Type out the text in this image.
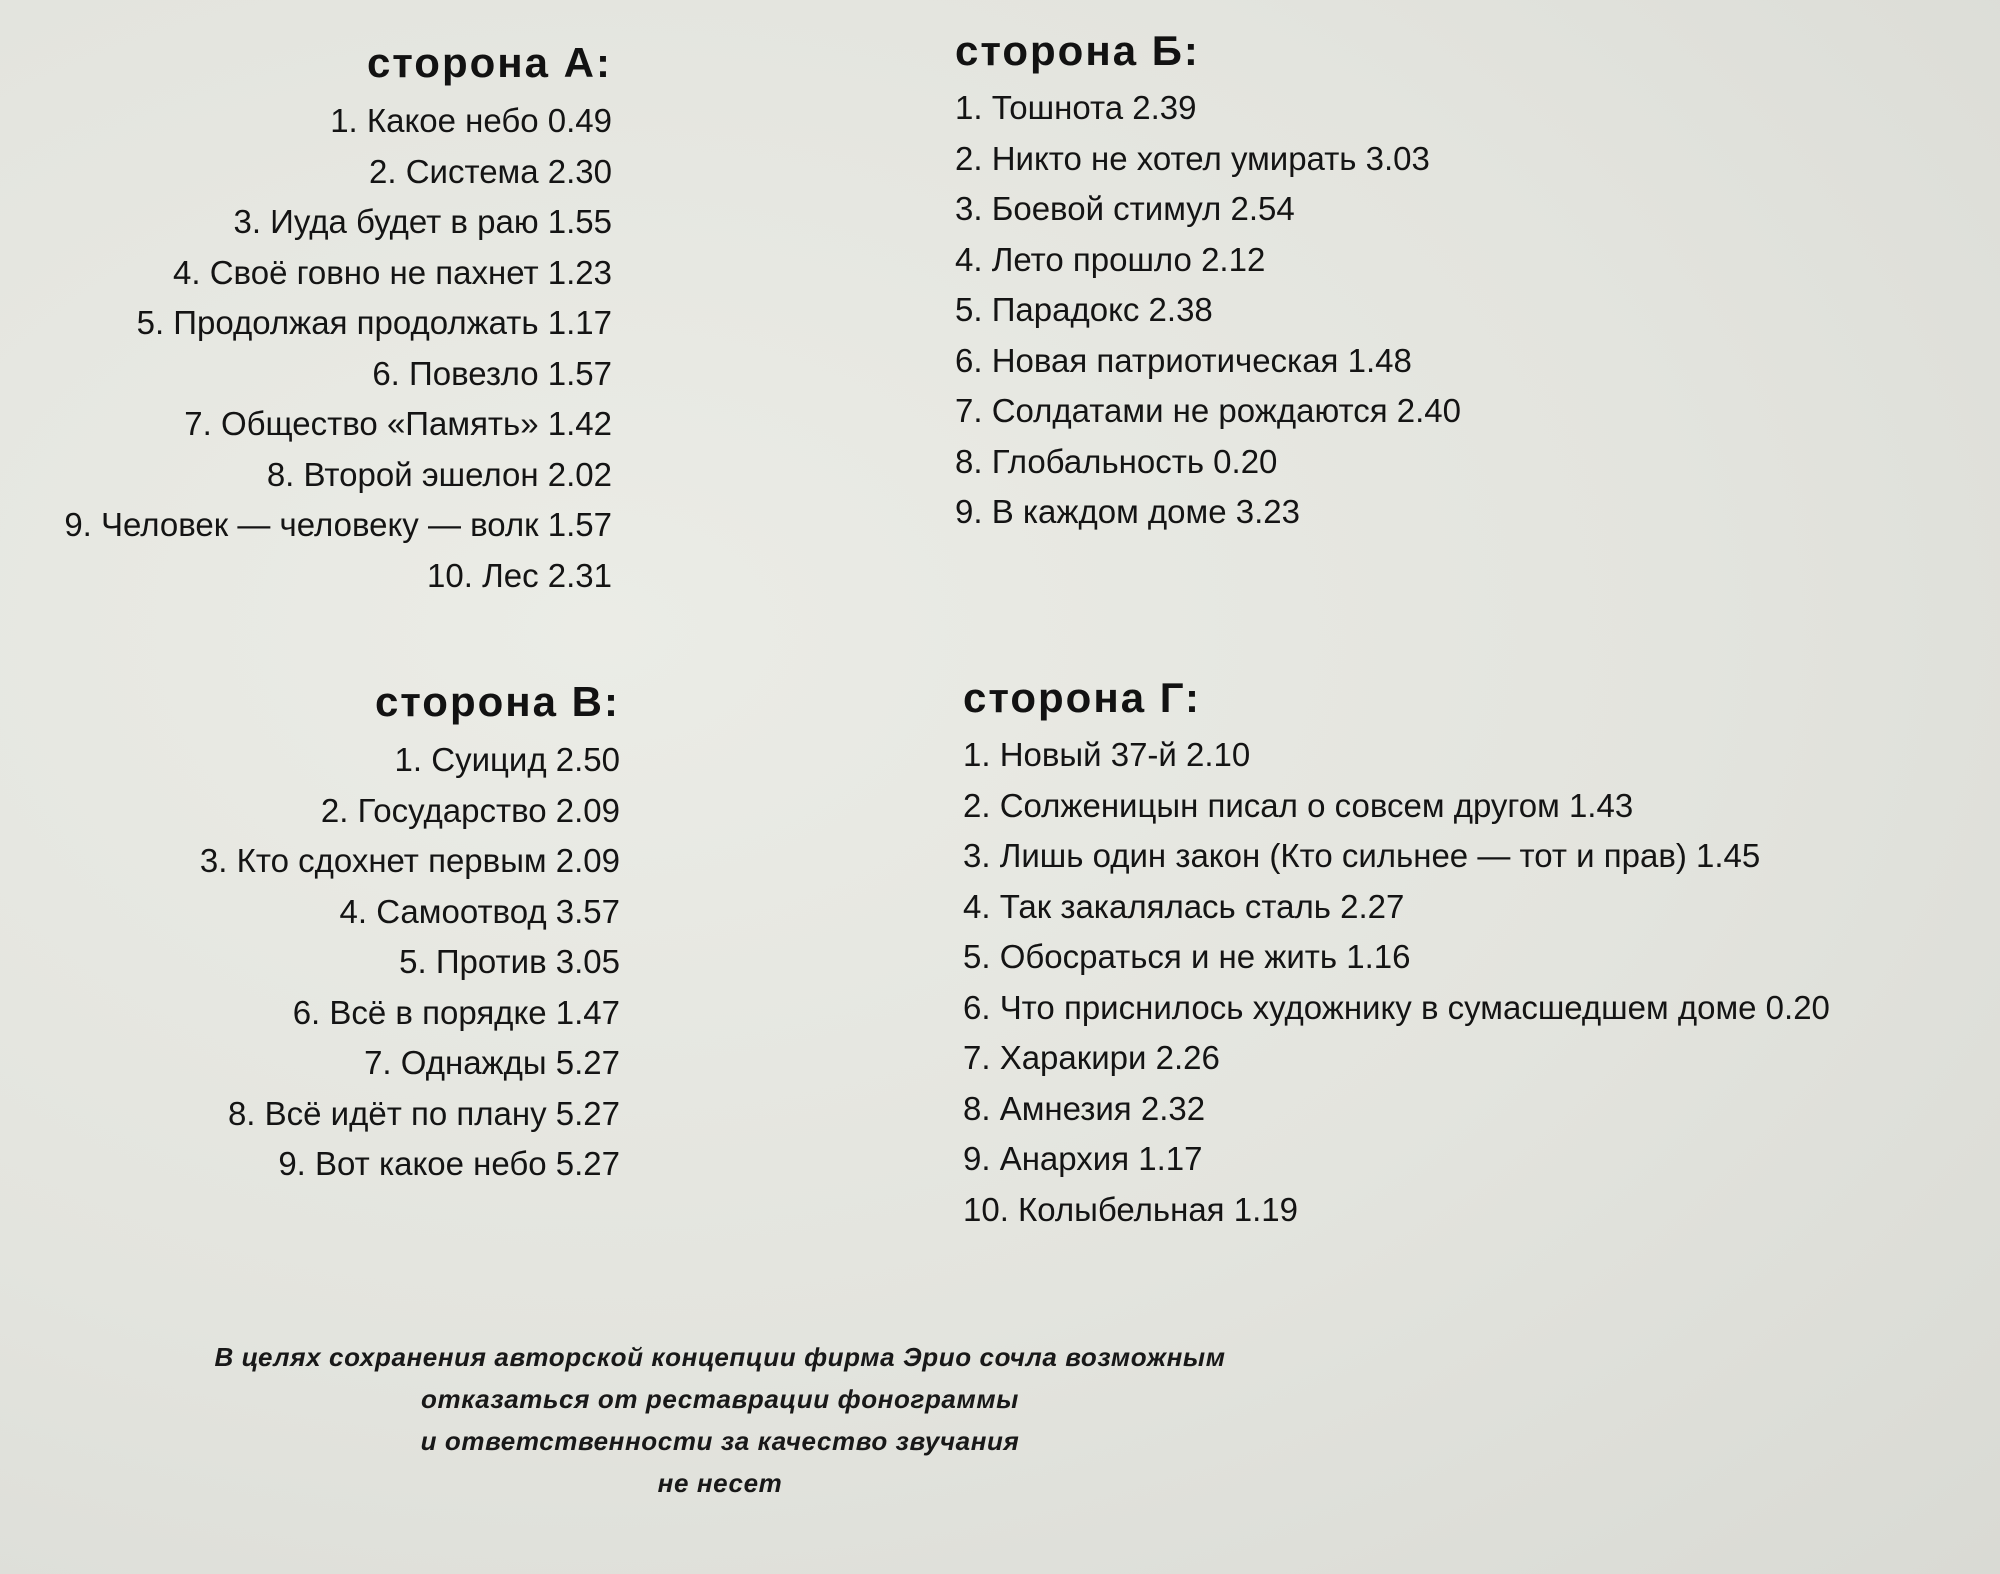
сторона А:
1. Какое небо 0.49
2. Система 2.30
3. Иуда будет в раю 1.55
4. Своё говно не пахнет 1.23
5. Продолжая продолжать 1.17
6. Повезло 1.57
7. Общество «Память» 1.42
8. Второй эшелон 2.02
9. Человек — человеку — волк 1.57
10. Лес 2.31
сторона Б:
1. Тошнота 2.39
2. Никто не хотел умирать 3.03
3. Боевой стимул 2.54
4. Лето прошло 2.12
5. Парадокс 2.38
6. Новая патриотическая 1.48
7. Солдатами не рождаются 2.40
8. Глобальность 0.20
9. В каждом доме 3.23
сторона В:
1. Суицид 2.50
2. Государство 2.09
3. Кто сдохнет первым 2.09
4. Самоотвод 3.57
5. Против 3.05
6. Всё в порядке 1.47
7. Однажды 5.27
8. Всё идёт по плану 5.27
9. Вот какое небо 5.27
сторона Г:
1. Новый 37-й 2.10
2. Солженицын писал о совсем другом 1.43
3. Лишь один закон (Кто сильнее — тот и прав) 1.45
4. Так закалялась сталь 2.27
5. Обосраться и не жить 1.16
6. Что приснилось художнику в сумасшедшем доме 0.20
7. Харакири 2.26
8. Амнезия 2.32
9. Анархия 1.17
10. Колыбельная 1.19
В целях сохранения авторской концепции фирма Эрио сочла возможным
отказаться от реставрации фонограммы
и ответственности за качество звучания
не несет
